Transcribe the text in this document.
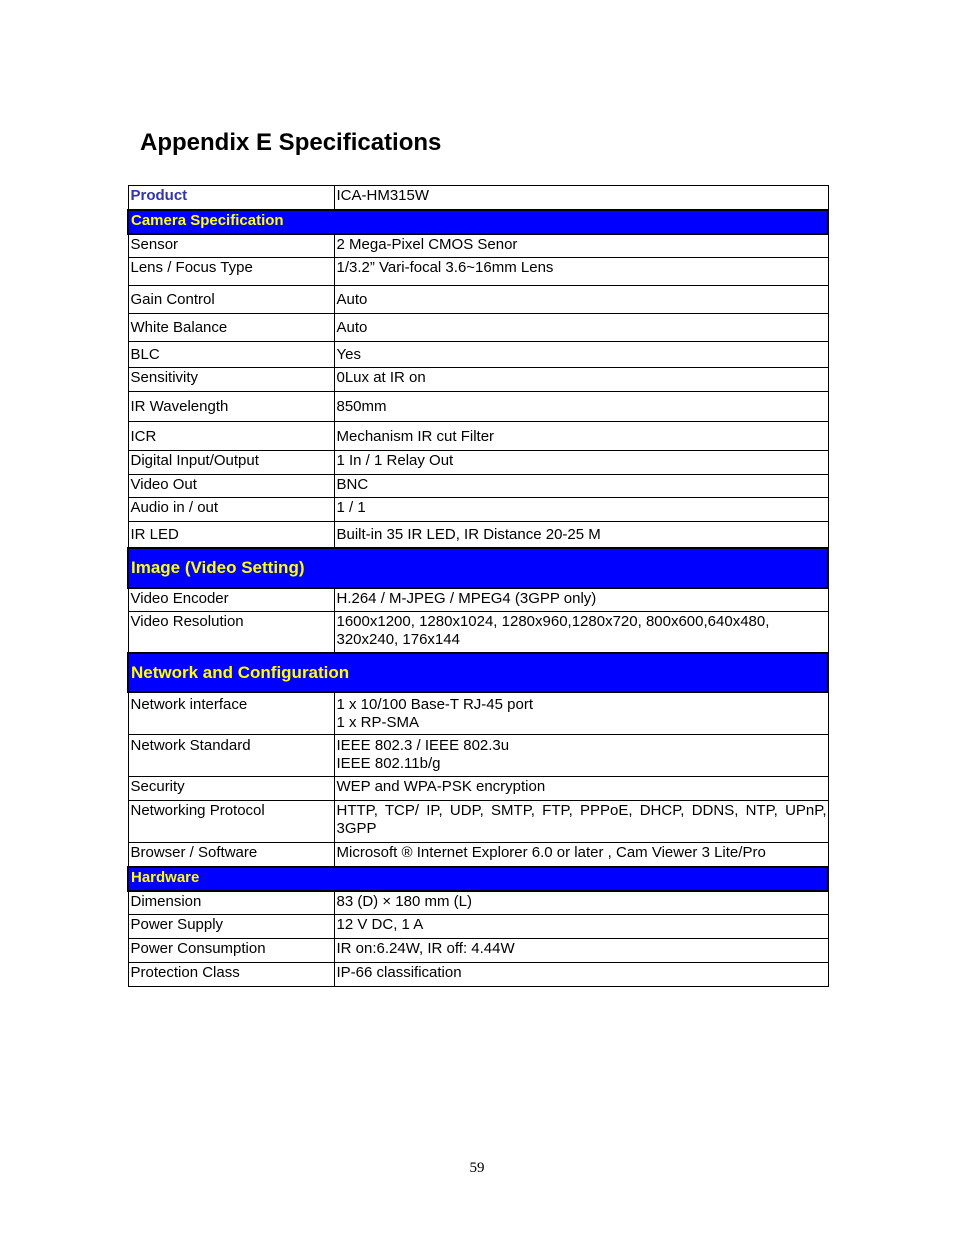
Appendix E Specifications
Product	ICA-HM315W
Camera Specification	
Sensor	2 Mega-Pixel CMOS Senor
Lens / Focus Type	1/3.2” Vari-focal 3.6~16mm Lens
Gain Control	Auto
White Balance	Auto
BLC	Yes
Sensitivity	0Lux at IR on
IR Wavelength	850mm
ICR	Mechanism IR cut Filter
Digital Input/Output	1 In / 1 Relay Out
Video Out	BNC
Audio in / out	1 / 1
IR LED	Built-in 35 IR LED, IR Distance 20-25 M
Image (Video Setting)	
Video Encoder	H.264 / M-JPEG / MPEG4 (3GPP only)
Video Resolution	1600x1200, 1280x1024, 1280x960,1280x720, 800x600,640x480,
320x240, 176x144

Network and Configuration	
Network interface	1 x 10/100 Base-T RJ-45 port
1 x RP-SMA

Network Standard	IEEE 802.3 / IEEE 802.3u
IEEE 802.11b/g

Security	WEP and WPA-PSK encryption
Networking Protocol	HTTP, TCP/ IP, UDP, SMTP, FTP, PPPoE, DHCP, DDNS, NTP, UPnP, 3GPP
Browser / Software	Microsoft ® Internet Explorer 6.0 or later , Cam Viewer 3 Lite/Pro
Hardware	
Dimension	83 (D) × 180 mm (L)
Power Supply	12 V DC, 1 A
Power Consumption	IR on:6.24W, IR off: 4.44W
Protection Class	IP-66 classification
59
